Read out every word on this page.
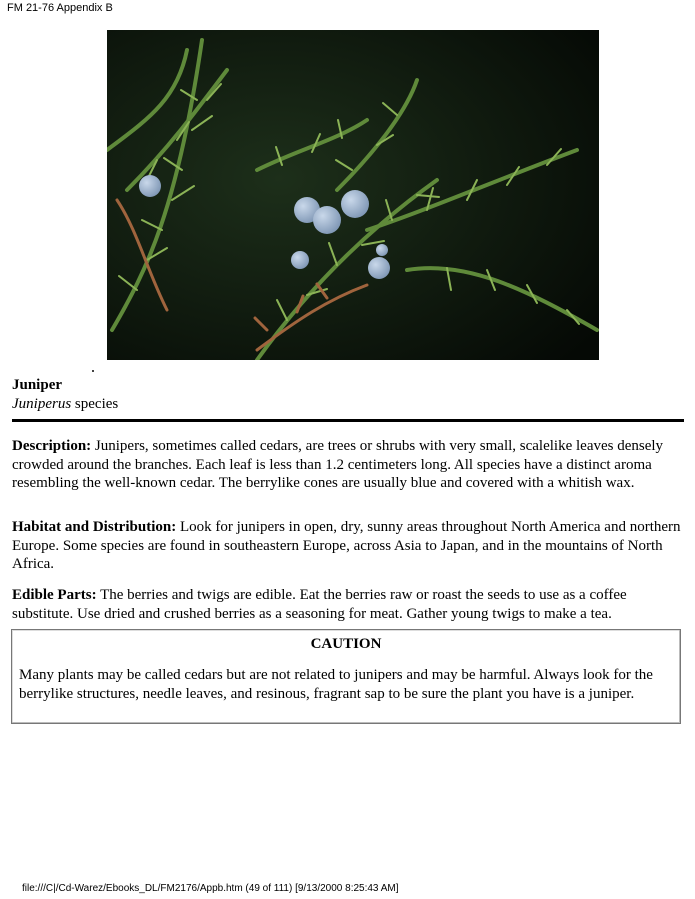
FM 21-76 Appendix B
Juniper
Juniperus species

Description: Junipers, sometimes called cedars, are trees or shrubs with very small, scalelike leaves densely crowded around the branches. Each leaf is less than 1.2 centimeters long. All species have a distinct aroma resembling the well-known cedar. The berrylike cones are usually blue and covered with a whitish wax.

Habitat and Distribution: Look for junipers in open, dry, sunny areas throughout North America and northern Europe. Some species are found in southeastern Europe, across Asia to Japan, and in the mountains of North Africa.

Edible Parts: The berries and twigs are edible. Eat the berries raw or roast the seeds to use as a coffee substitute. Use dried and crushed berries as a seasoning for meat. Gather young twigs to make a tea.

CAUTION

Many plants may be called cedars but are not related to junipers and may be harmful. Always look for the berrylike structures, needle leaves, and resinous, fragrant sap to be sure the plant you have is a juniper.

file:///C|/Cd-Warez/Ebooks_DL/FM2176/Appb.htm (49 of 111) [9/13/2000 8:25:43 AM]
